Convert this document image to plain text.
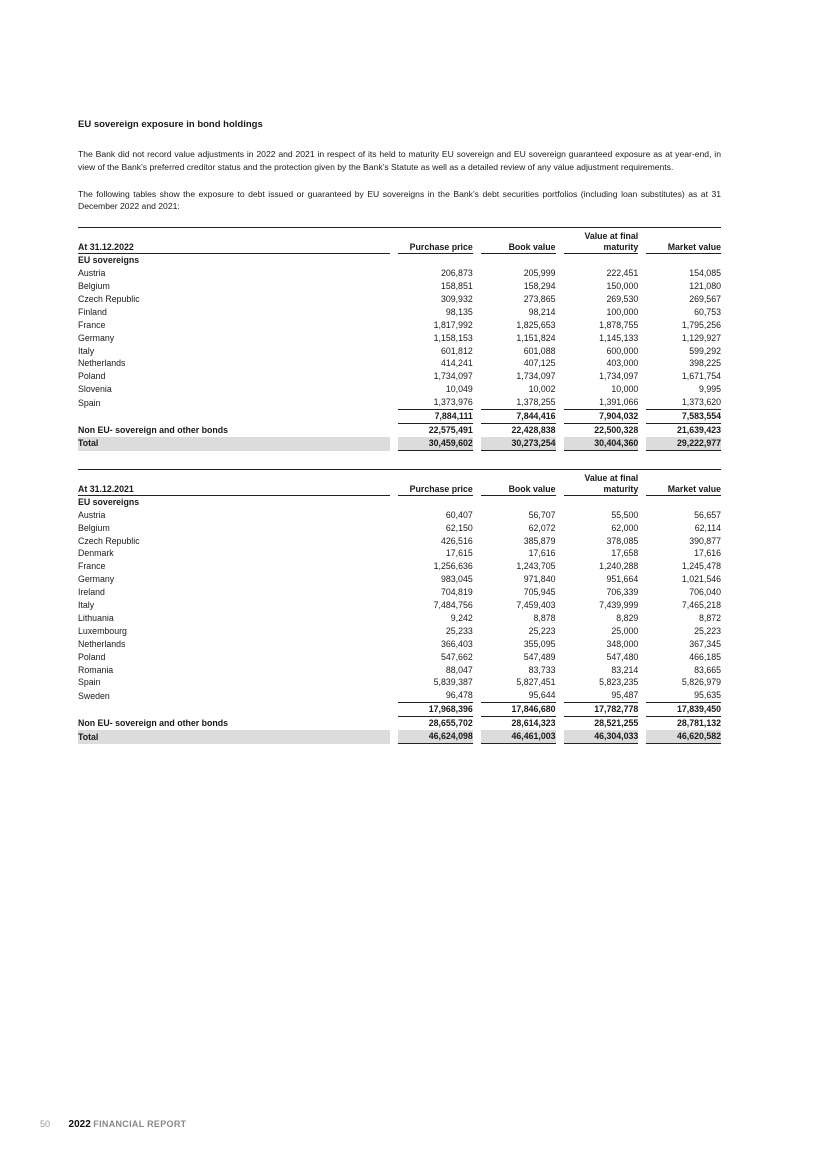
EU sovereign exposure in bond holdings

The Bank did not record value adjustments in 2022 and 2021 in respect of its held to maturity EU sovereign and EU sovereign guaranteed exposure as at year-end, in view of the Bank’s preferred creditor status and the protection given by the Bank’s Statute as well as a detailed review of any value adjustment requirements.

The following tables show the exposure to debt issued or guaranteed by EU sovereigns in the Bank’s debt securities portfolios (including loan substitutes) as at 31 December 2022 and 2021:

			Value at final	

At 31.12.2022	Purchase price	Book value	maturity	Market value

EU sovereigns				
Austria	206,873	205,999	222,451	154,085

Belgium	158,851	158,294	150,000	121,080

Czech Republic	309,932	273,865	269,530	269,567

Finland	98,135	98,214	100,000	60,753

France	1,817,992	1,825,653	1,878,755	1,795,256

Germany	1,158,153	1,151,824	1,145,133	1,129,927

Italy	601,812	601,088	600,000	599,292

Netherlands	414,241	407,125	403,000	398,225

Poland	1,734,097	1,734,097	1,734,097	1,671,754

Slovenia	10,049	10,002	10,000	9,995

Spain	1,373,976	1,378,255	1,391,066	1,373,620

	7,884,111	7,844,416	7,904,032	7,583,554

Non EU- sovereign and other bonds	22,575,491	22,428,838	22,500,328	21,639,423

Total	30,459,602	30,273,254	30,404,360	29,222,977

			Value at final	

At 31.12.2021	Purchase price	Book value	maturity	Market value

EU sovereigns				
Austria	60,407	56,707	55,500	56,657

Belgium	62,150	62,072	62,000	62,114

Czech Republic	426,516	385,879	378,085	390,877

Denmark	17,615	17,616	17,658	17,616

France	1,256,636	1,243,705	1,240,288	1,245,478

Germany	983,045	971,840	951,664	1,021,546

Ireland	704,819	705,945	706,339	706,040

Italy	7,484,756	7,459,403	7,439,999	7,465,218

Lithuania	9,242	8,878	8,829	8,872

Luxembourg	25,233	25,223	25,000	25,223

Netherlands	366,403	355,095	348,000	367,345

Poland	547,662	547,489	547,480	466,185

Romania	88,047	83,733	83,214	83,665

Spain	5,839,387	5,827,451	5,823,235	5,826,979

Sweden	96,478	95,644	95,487	95,635

	17,968,396	17,846,680	17,782,778	17,839,450

Non EU- sovereign and other bonds	28,655,702	28,614,323	28,521,255	28,781,132

Total	46,624,098	46,461,003	46,304,033	46,620,582
50 2022 FINANCIAL REPORT
